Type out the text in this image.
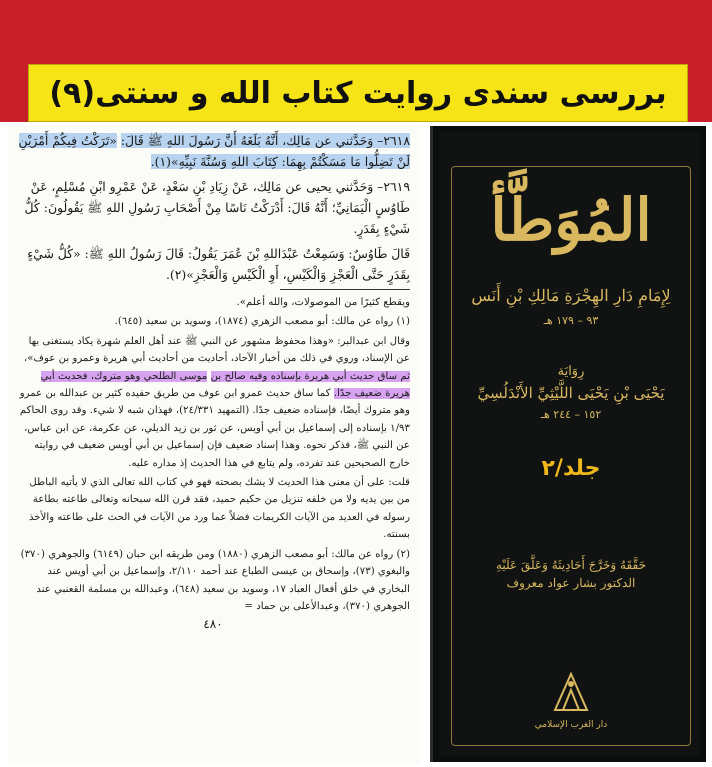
بررسی سندی روایت کتاب الله و سنتی(۹)

٢٦١٨– وَحَدَّثني عن مَالِك، أَنَّهُ بَلَغَهُ أَنَّ رَسُولَ اللهِ ﷺ قَالَ: «تَرَكْتُ فِيكُمْ أَمْرَيْنِ لَنْ تَضِلُّوا مَا مَسَكْتُمْ بِهِمَا: كِتَابَ اللهِ وَسُنَّةَ نَبِيِّهِ»(١).

٢٦١٩– وَحَدَّثني يحيى عن مَالِك، عَنْ زِيَادِ بْنِ سَعْدٍ، عَنْ عَمْرِو ابْنِ مُسْلِمٍ، عَنْ طَاوُسٍ الْيَمَانِيِّ؛ أَنَّهُ قَالَ: أَدْرَكْتُ نَاسًا مِنْ أَصْحَابِ رَسُولِ اللهِ ﷺ يَقُولُونَ: كُلُّ شَيْءٍ بِقَدَرٍ.

قَالَ طَاوُسٌ: وَسَمِعْتُ عَبْدَاللهِ بْنَ عُمَرَ يَقُولُ: قَالَ رَسُولُ اللهِ ﷺ: «كُلُّ شَيْءٍ بِقَدَرٍ حَتَّى الْعَجْزِ وَالْكَيْسِ، أَوِ الْكَيْسِ وَالْعَجْزِ»(٢).

ويقطع كثيرًا من الموصولات، والله أعلم».

(١) رواه عن مالك: أبو مصعب الزهري (١٨٧٤)، وسويد بن سعيد (٦٤٥).

وقال ابن عبدالبر: «وهذا محفوظ مشهور عن النبي ﷺ عند أهل العلم شهرة يكاد يستغنى بها عن الإسناد، وروي في ذلك من أخبار الآحاد، أحاديث من أحاديث أبي هريرة وعمرو بن عوف»، ثم ساق حديث أبي هريرة بإسناده وفيه صالح بن موسى الطلحي وهو متروك، فحديث أبي هريرة ضعيف جدًا. كما ساق حديث عمرو ابن عوف من طريق حفيده كثير بن عبدالله بن عمرو وهو متروك أيضًا، فإسناده ضعيف جدًا. (التمهيد ٢٤/٣٣١)، فهذان شبه لا شيء. وقد روى الحاكم ١/٩٣ بإسناده إلى إسماعيل بن أبي أويس، عن ثور بن زيد الديلي، عن عكرمة، عن ابن عباس، عن النبي ﷺ، فذكر نحوه. وهذا إسناد ضعيف فإن إسماعيل بن أبي أويس ضعيف في روايته خارج الصحيحين عند تفرده، ولم يتابع في هذا الحديث إذ مداره عليه.

قلت: على أن معنى هذا الحديث لا يشك بصحته فهو في كتاب الله تعالى الذي لا يأتيه الباطل من بين يديه ولا من خلفه تنزيل من حكيم حميد، فقد قرن الله سبحانه وتعالى طاعته بطاعة رسوله في العديد من الآيات الكريمات فضلاً عما ورد من الآيات في الحث على طاعته والأخذ بسنته.

(٢) رواه عن مالك: أبو مصعب الزهري (١٨٨٠) ومن طريقه ابن حبان (٦١٤٩) والجوهري (٣٧٠) والبغوي (٧٣)، وإسحاق بن عيسى الطباع عند أحمد ٢/١١٠، وإسماعيل بن أبي أويس عند البخاري في خلق أفعال العباد ١٧، وسويد بن سعيد (٦٤٨)، وعبدالله بن مسلمة القعنبي عند الجوهري (٣٧٠)، وعبدالأعلى بن حماد =

٤٨٠
المُوَطَّأ
لِإِمَامِ دَارِ الهِجْرَةِ مَالِكِ بْنِ أَنَس
٩٣ – ١٧٩ هـ
رِوَايَة
يَحْيَى بْنِ يَحْيَى اللَّيْثِيِّ الأَنْدَلُسِيِّ
١٥٢ – ٢٤٤ هـ
جلد/٢
حَقَّقَهُ وَخَرَّجَ أَحَادِيثَهُ وَعَلَّقَ عَلَيْهِ
الدكتور بشار عواد معروف
دار الغرب الإسلامي
